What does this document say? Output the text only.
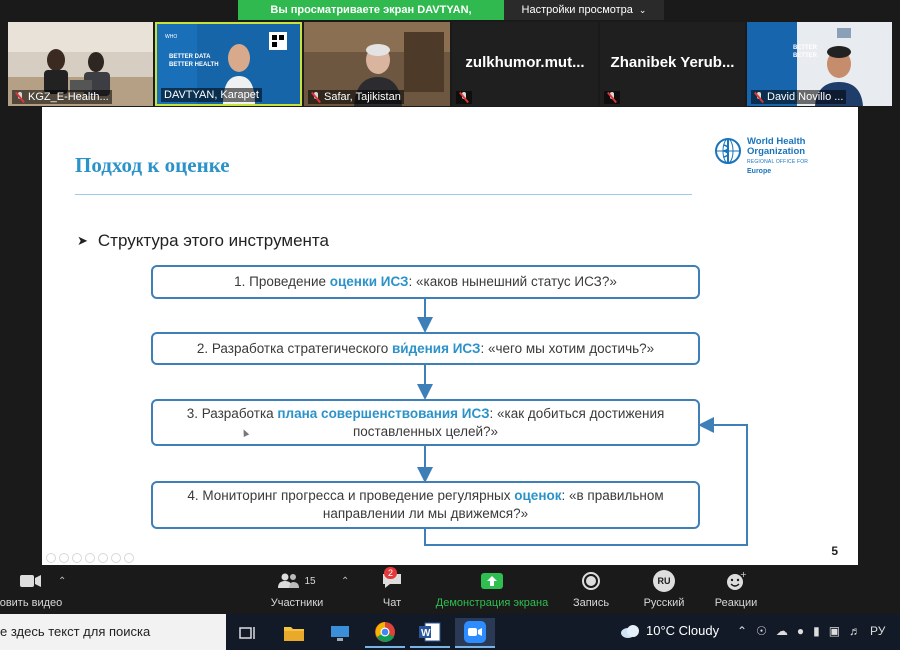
Вы просматриваете экран DAVTYAN,	Настройки просмотра ⌄
KGZ_E-Health...
WHO
BETTER DATA
BETTER HEALTH
DAVTYAN, Karapet	Safar, Tajikistan
zulkhumor.mut...	Zhanibek Yerub...
BETTER
BETTER
David Novillo ...
Подход к оценке
World Health
Organization
REGIONAL OFFICE FOR
Europe
➤ Структура этого инструмента
1. Проведение оценки ИСЗ: «каков нынешний статус ИСЗ?»
2. Разработка стратегического ви́дения ИСЗ: «чего мы хотим достичь?»
3. Разработка плана совершенствования ИСЗ: «как добиться достижения поставленных целей?»
4. Мониторинг прогресса и проведение регулярных оценок: «в правильном направлении ли мы движемся?»
5
овить видео
⌃	15
Участники
⌃
2
Чат	Демонстрация экрана	Запись
RU
Русский
+
Реакции
е здесь текст для поиска	W	10°C Cloudy ⌃ ☉ ☁ ● ▮ ▣ ♬ РУ
